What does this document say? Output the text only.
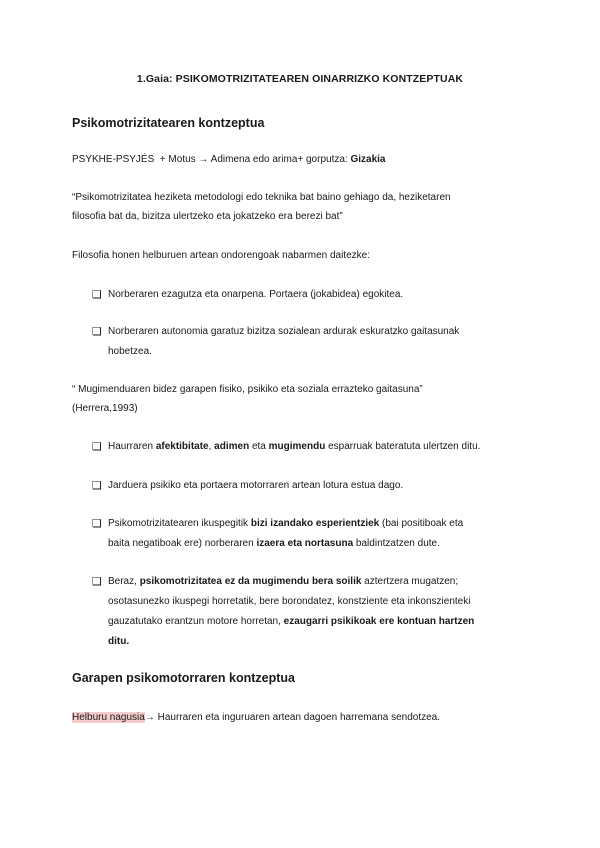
1.Gaia: PSIKOMOTRIZITATEAREN OINARRIZKO KONTZEPTUAK
Psikomotrizitatearen kontzeptua
PSYKHE-PSYJÉS  + Motus → Adimena edo arima+ gorputza: Gizakia
“Psikomotrizitatea heziketa metodologi edo teknika bat baino gehiago da, heziketaren
filosofia bat da, bizitza ulertzeko eta jokatzeko era berezi bat”
Filosofia honen helburuen artean ondorengoak nabarmen daitezke:
❏ Norberaren ezagutza eta onarpena. Portaera (jokabidea) egokitea.
❏ Norberaren autonomia garatuz bizitza sozialean ardurak eskuratzko gaitasunak
hobetzea.
“ Mugimenduaren bidez garapen fisiko, psikiko eta soziala errazteko gaitasuna”
(Herrera,1993)
❏ Haurraren afektibitate, adimen eta mugimendu esparruak bateratuta ulertzen ditu.
❏ Jarduera psikiko eta portaera motorraren artean lotura estua dago.
❏ Psikomotrizitatearen ikuspegitik bizi izandako esperientziek (bai positiboak eta
baita negatiboak ere) norberaren izaera eta nortasuna baldintzatzen dute.
❏ Beraz, psikomotrizitatea ez da mugimendu bera soilik aztertzera mugatzen;
osotasunezko ikuspegi horretatik, bere borondatez, konstziente eta inkonszienteki
gauzatutako erantzun motore horretan, ezaugarri psikikoak ere kontuan hartzen
ditu.
Garapen psikomotorraren kontzeptua
Helburu nagusia→ Haurraren eta inguruaren artean dagoen harremana sendotzea.
